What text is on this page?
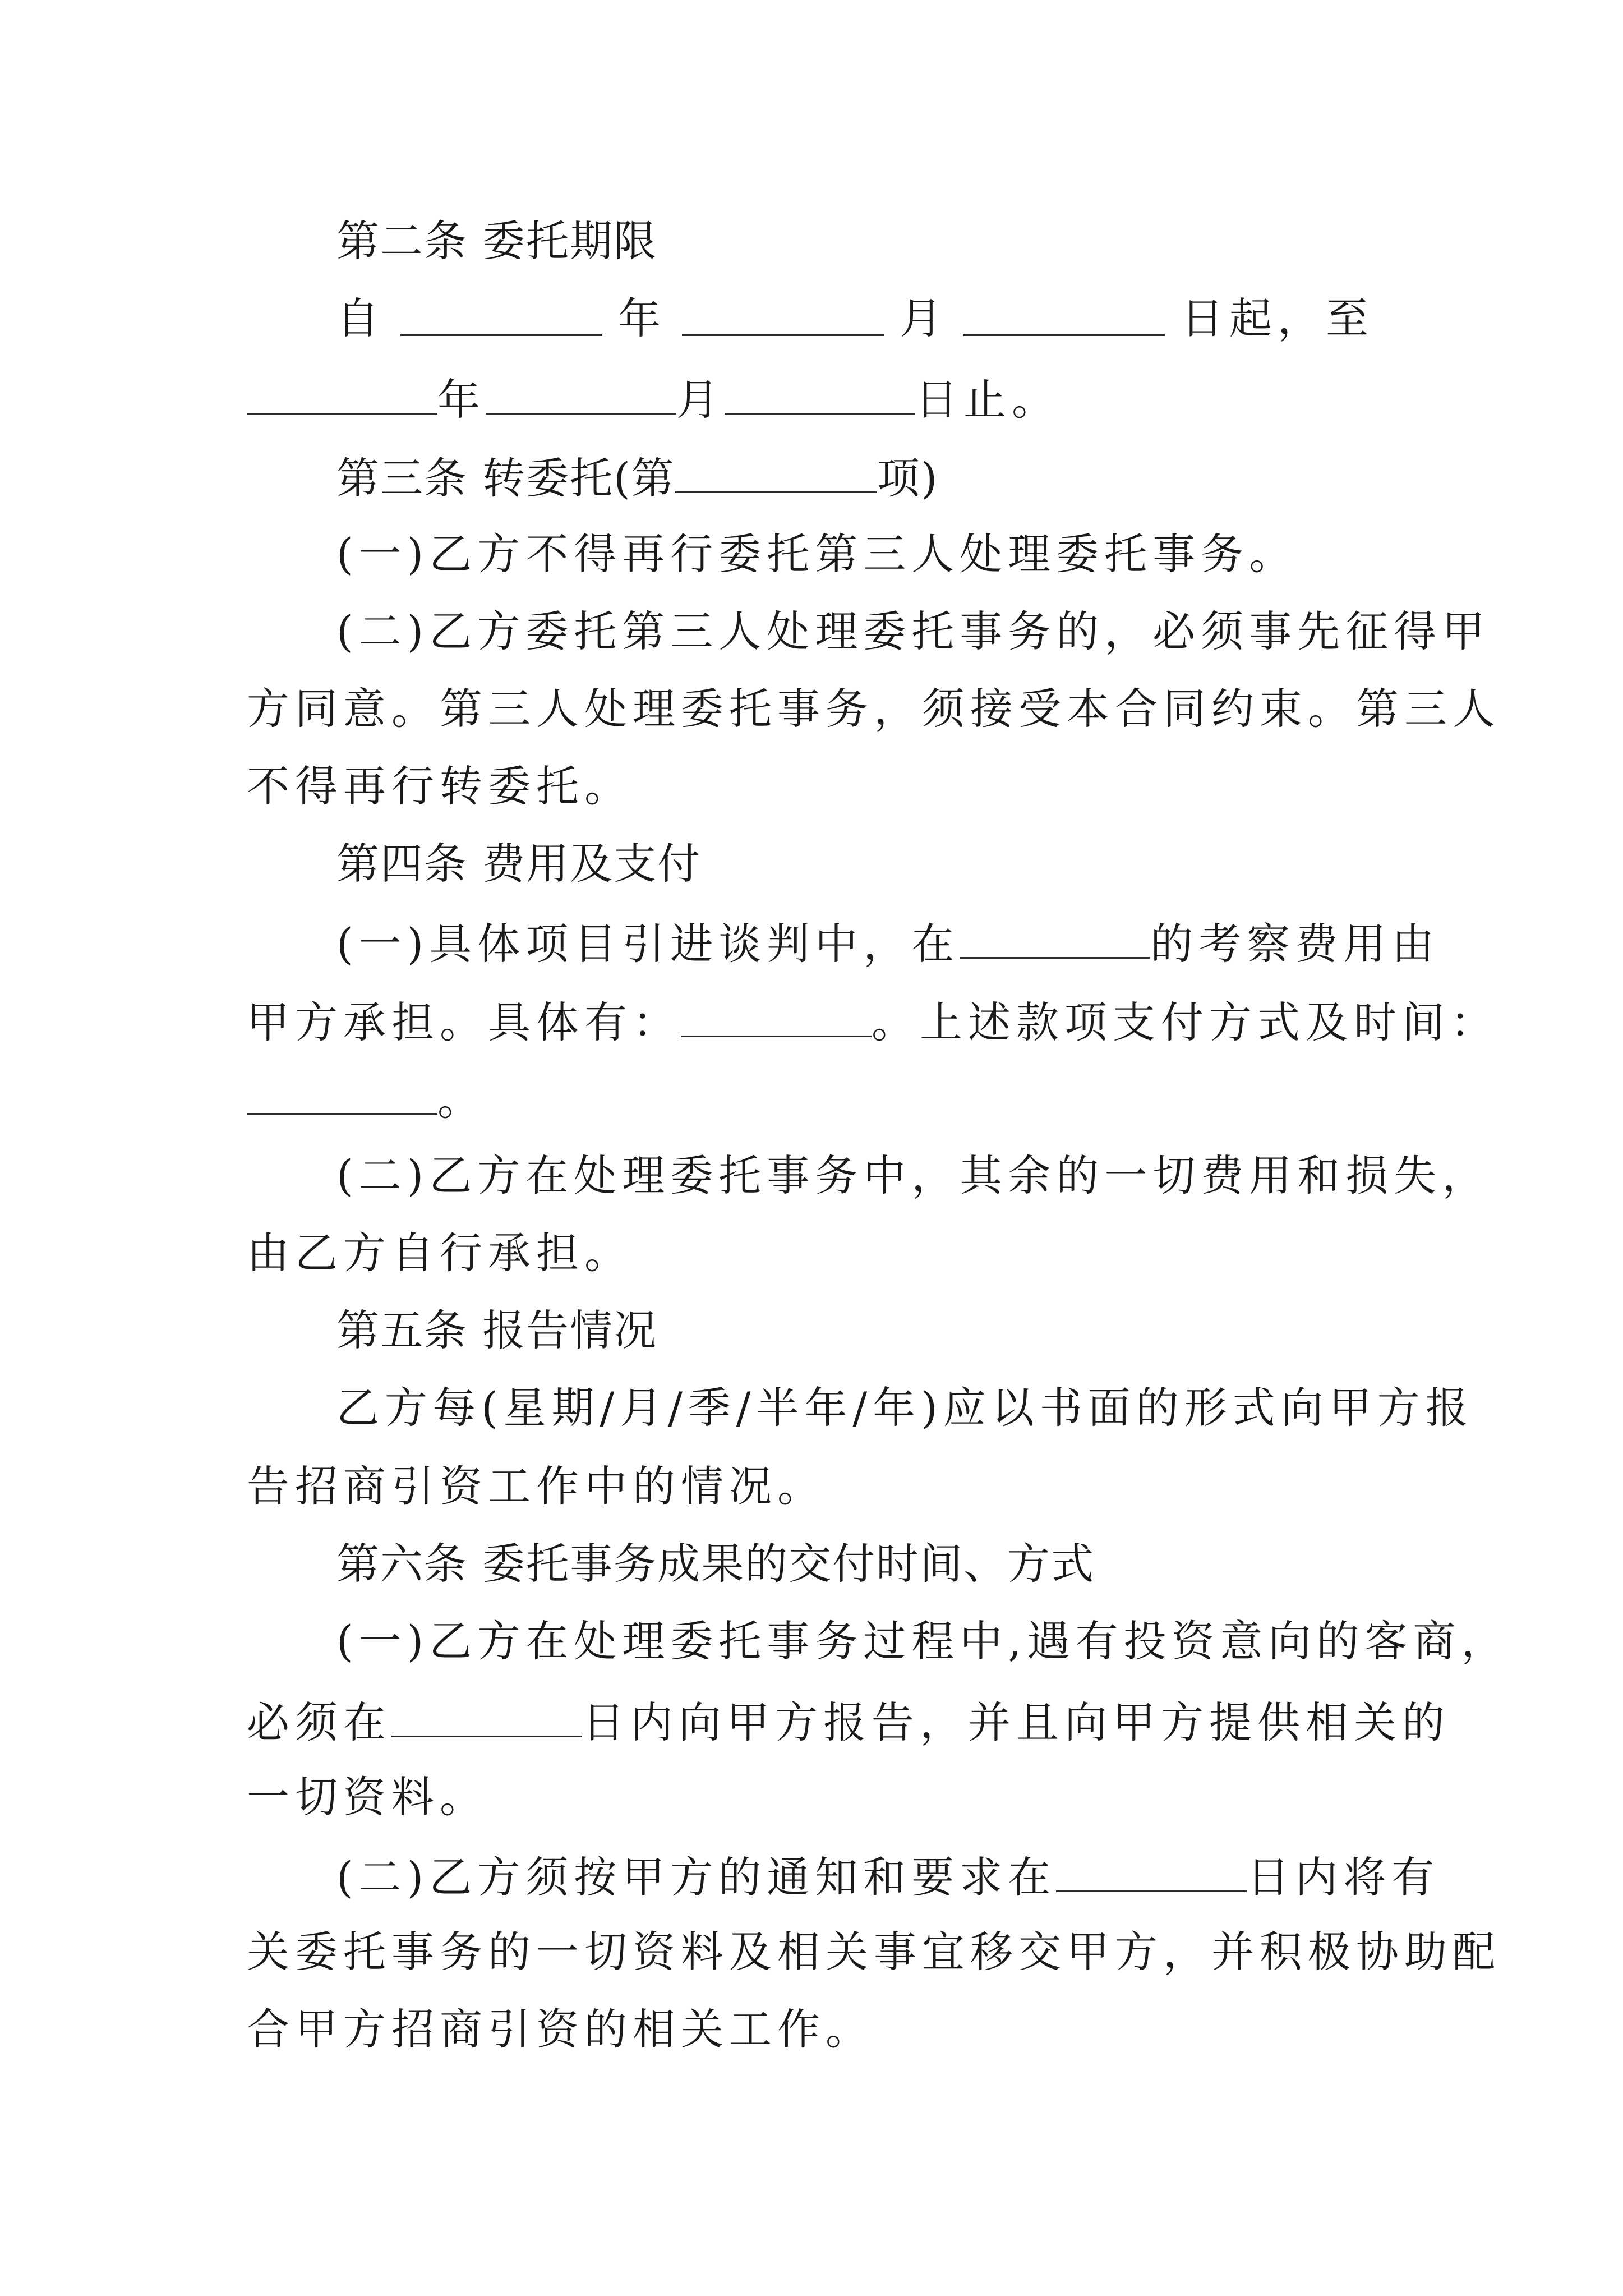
第二条 委托期限
自	年	月	日起，至
年	月	日止。
第三条 转委托(第	项)
(一)乙方不得再行委托第三人处理委托事务。
(二)乙方委托第三人处理委托事务的，必须事先征得甲
方同意。第三人处理委托事务，须接受本合同约束。第三人
不得再行转委托。
第四条 费用及支付
(一)具体项目引进谈判中，在	的考察费用由
甲方承担。具体有：	。上述款项支付方式及时间：
。
(二)乙方在处理委托事务中，其余的一切费用和损失，
由乙方自行承担。
第五条 报告情况
乙方每(星期/月/季/半年/年)应以书面的形式向甲方报
告招商引资工作中的情况。
第六条 委托事务成果的交付时间、方式
(一)乙方在处理委托事务过程中,遇有投资意向的客商，
必须在	日内向甲方报告，并且向甲方提供相关的
一切资料。
(二)乙方须按甲方的通知和要求在	日内将有
关委托事务的一切资料及相关事宜移交甲方，并积极协助配
合甲方招商引资的相关工作。
